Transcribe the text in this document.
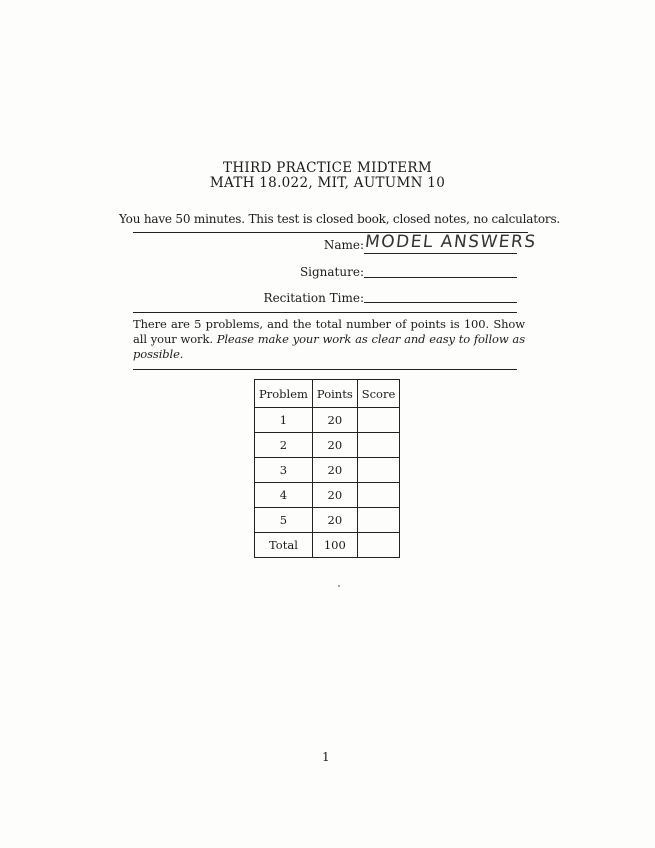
THIRD PRACTICE MIDTERM
MATH 18.022, MIT, AUTUMN 10
You have 50 minutes. This test is closed book, closed notes, no calculators.
Name: MODEL ANSWERS
Signature:
Recitation Time:
There are 5 problems, and the total number of points is 100. Show all your work. Please make your work as clear and easy to follow as possible.
Problem	Points	Score
1	20	
2	20	
3	20	
4	20	
5	20	
Total	100	
1
